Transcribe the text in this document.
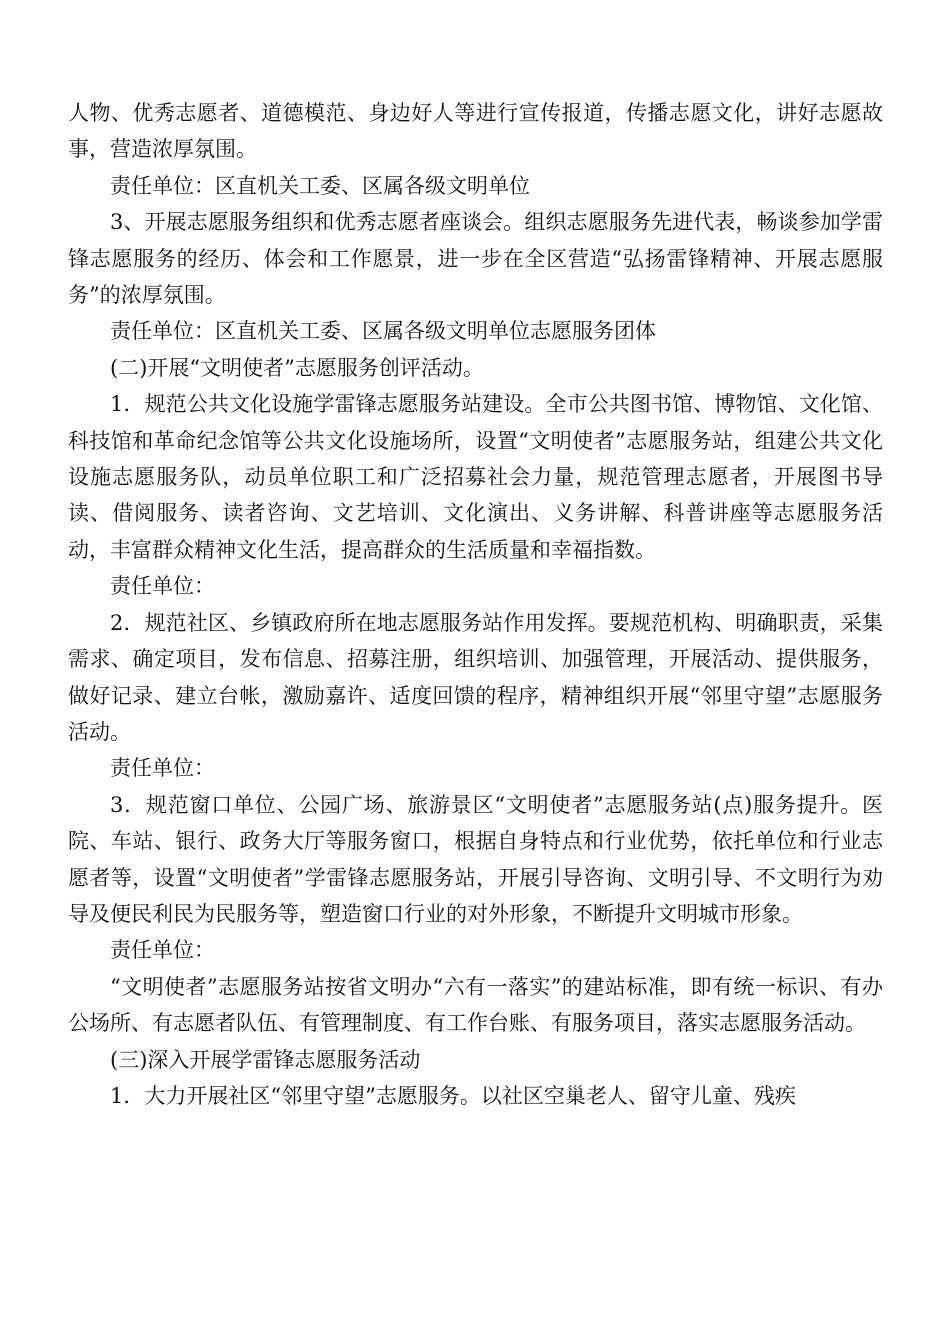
人物、优秀志愿者、道德模范、身边好人等进行宣传报道，传播志愿文化，讲好志愿故事，营造浓厚氛围。

责任单位：区直机关工委、区属各级文明单位

3、开展志愿服务组织和优秀志愿者座谈会。组织志愿服务先进代表，畅谈参加学雷锋志愿服务的经历、体会和工作愿景，进一步在全区营造“弘扬雷锋精神、开展志愿服务”的浓厚氛围。

责任单位：区直机关工委、区属各级文明单位志愿服务团体

(二)开展“文明使者”志愿服务创评活动。

1．规范公共文化设施学雷锋志愿服务站建设。全市公共图书馆、博物馆、文化馆、科技馆和革命纪念馆等公共文化设施场所，设置“文明使者”志愿服务站，组建公共文化设施志愿服务队，动员单位职工和广泛招募社会力量，规范管理志愿者，开展图书导读、借阅服务、读者咨询、文艺培训、文化演出、义务讲解、科普讲座等志愿服务活动，丰富群众精神文化生活，提高群众的生活质量和幸福指数。

责任单位：

2．规范社区、乡镇政府所在地志愿服务站作用发挥。要规范机构、明确职责，采集需求、确定项目，发布信息、招募注册，组织培训、加强管理，开展活动、提供服务，做好记录、建立台帐，激励嘉许、适度回馈的程序，精神组织开展“邻里守望”志愿服务活动。

责任单位：

3．规范窗口单位、公园广场、旅游景区“文明使者”志愿服务站(点)服务提升。医院、车站、银行、政务大厅等服务窗口，根据自身特点和行业优势，依托单位和行业志愿者等，设置“文明使者”学雷锋志愿服务站，开展引导咨询、文明引导、不文明行为劝导及便民利民为民服务等，塑造窗口行业的对外形象，不断提升文明城市形象。

责任单位：

“文明使者”志愿服务站按省文明办“六有一落实”的建站标准，即有统一标识、有办公场所、有志愿者队伍、有管理制度、有工作台账、有服务项目，落实志愿服务活动。

(三)深入开展学雷锋志愿服务活动

1．大力开展社区“邻里守望”志愿服务。以社区空巢老人、留守儿童、残疾
